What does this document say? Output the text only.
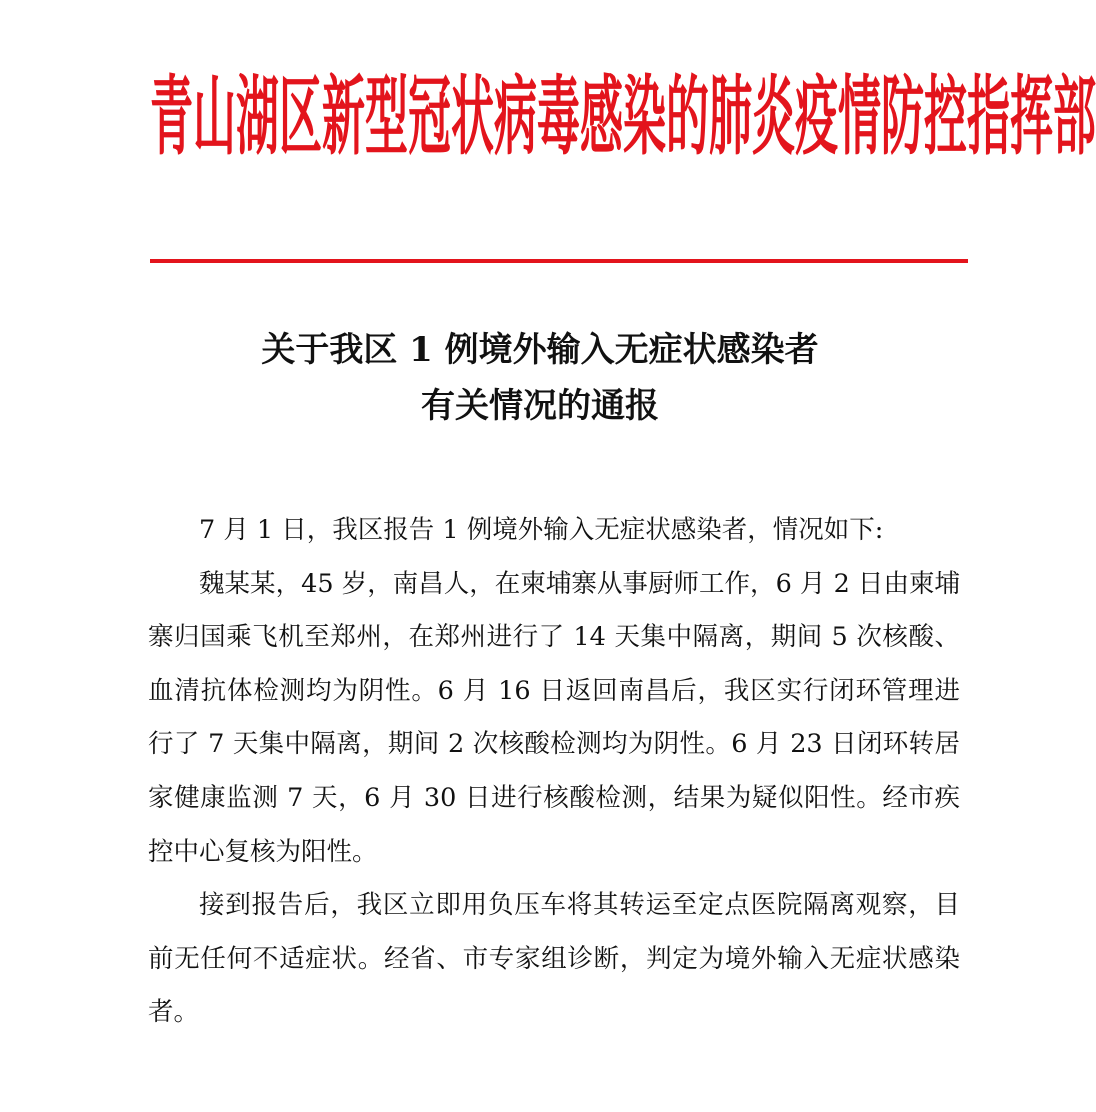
青山湖区新型冠状病毒感染的肺炎疫情防控指挥部
关于我区 1 例境外输入无症状感染者
有关情况的通报

7 月 1 日，我区报告 1 例境外输入无症状感染者，情况如下:

魏某某，45 岁，南昌人，在柬埔寨从事厨师工作，6 月 2 日由柬埔寨归国乘飞机至郑州，在郑州进行了 14 天集中隔离，期间 5 次核酸、血清抗体检测均为阴性。6 月 16 日返回南昌后，我区实行闭环管理进行了 7 天集中隔离，期间 2 次核酸检测均为阴性。6 月 23 日闭环转居家健康监测 7 天，6 月 30 日进行核酸检测，结果为疑似阳性。经市疾控中心复核为阳性。

接到报告后，我区立即用负压车将其转运至定点医院隔离观察，目前无任何不适症状。经省、市专家组诊断，判定为境外输入无症状感染者。
